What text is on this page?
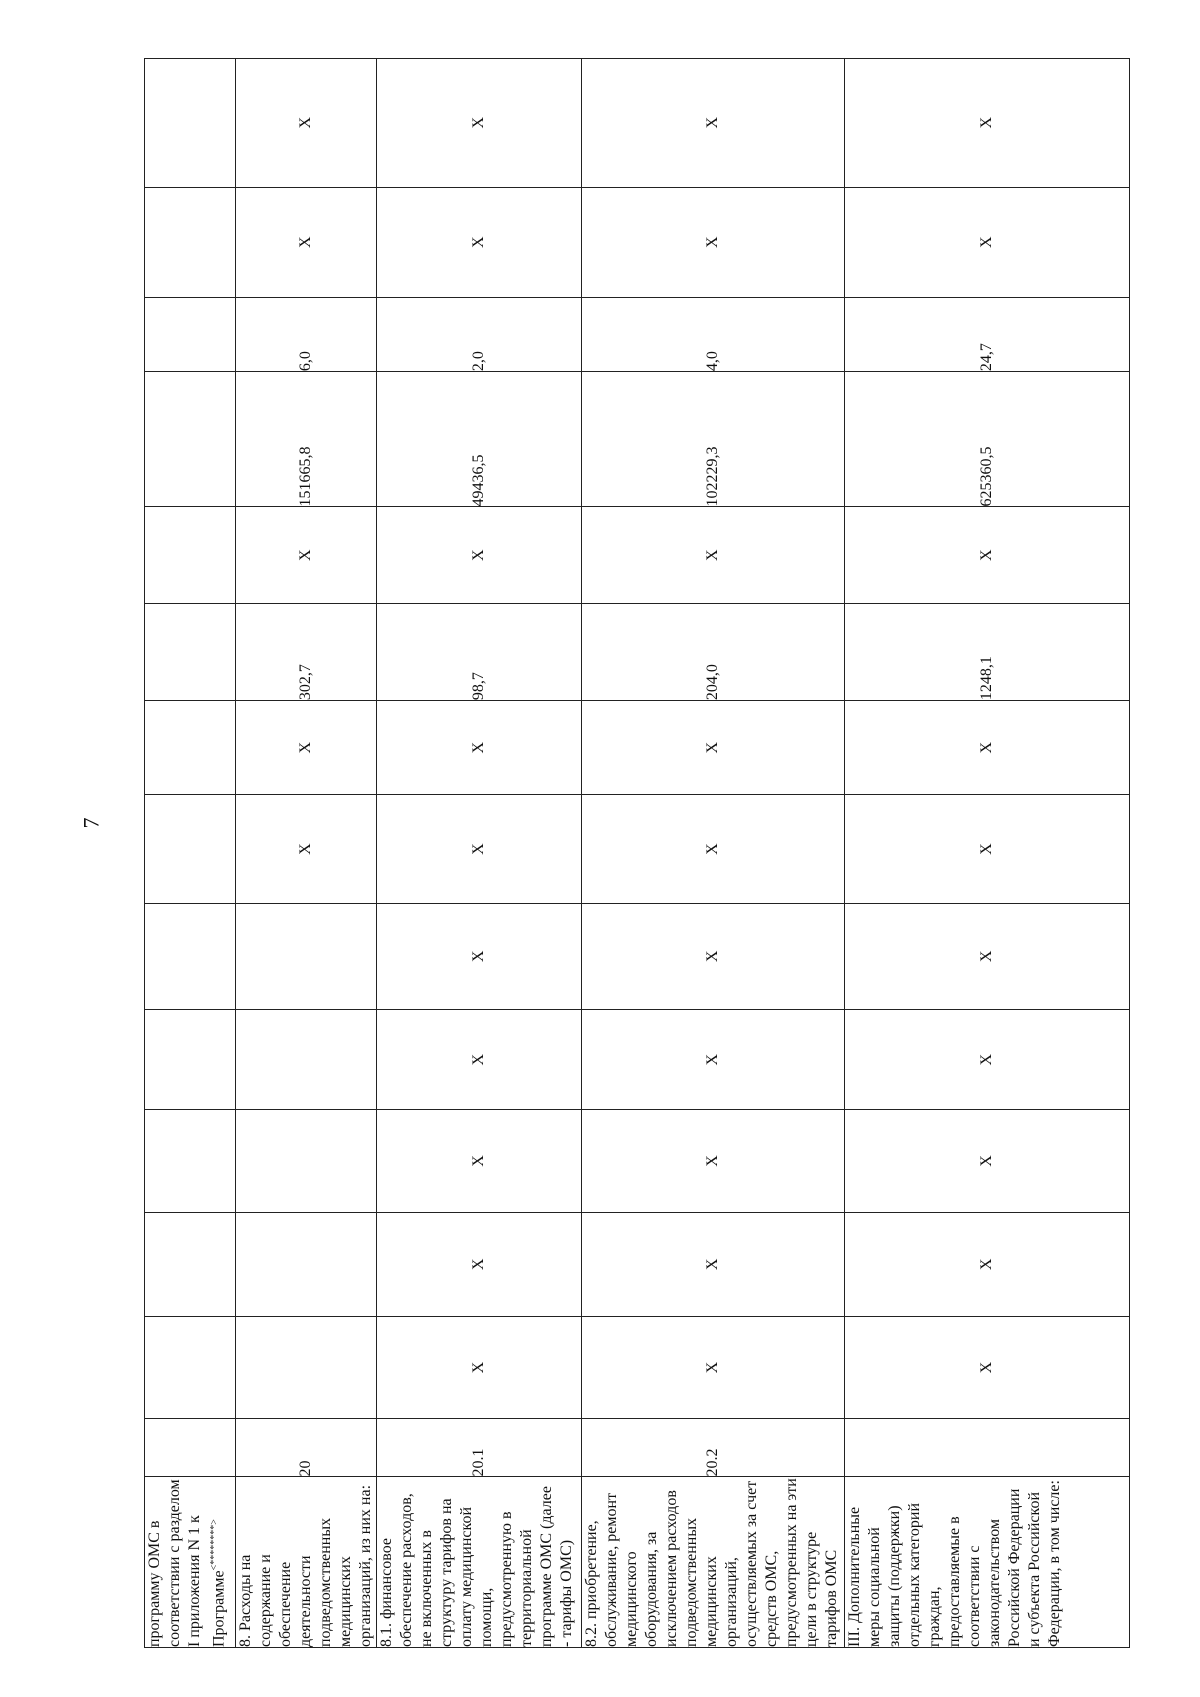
7
программу ОМС в соответствии с разделом I приложения N 1 к Программе<********>														
8. Расходы на содержание и обеспечение деятельности подведомственных медицинских организаций, из них на:	20						X	X	302,7	X	151665,8	6,0	X	X
8.1. финансовое обеспечение расходов, не включенных в структуру тарифов на оплату медицинской помощи, предусмотренную в территориальной программе ОМС (далее - тарифы ОМС)	20.1	X	X	X	X	X	X	X	98,7	X	49436,5	2,0	X	X
8.2. приобретение, обслуживание, ремонт медицинского оборудования, за исключением расходов подведомственных медицинских организаций, осуществляемых за счет средств ОМС, предусмотренных на эти цели в структуре тарифов ОМС	20.2	X	X	X	X	X	X	X	204,0	X	102229,3	4,0	X	X
III. Дополнительные меры социальной защиты (поддержки) отдельных категорий граждан, предоставляемые в соответствии с законодательством Российской Федерации и субъекта Российской Федерации, в том числе:		X	X	X	X	X	X	X	1248,1	X	625360,5	24,7	X	X
